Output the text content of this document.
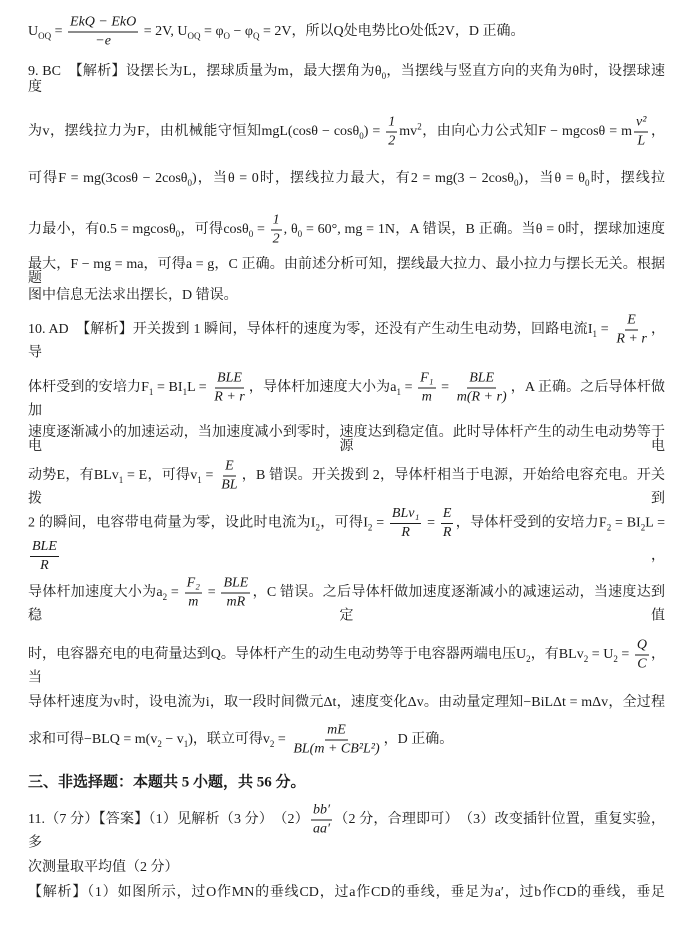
$U_{OQ} = \frac{\text{EkQ − EkO}}{-e} = 2V$, $U_{OQ} = \varphi_O - \varphi_Q = 2V$，所以Q处电势比O处低2V，D 正确。
9. BC　【解析】设摆长为L，摆球质量为m，最大摆角为$\theta_0$，当摆线与竖直方向的夹角为θ时，设摆球速度
为v，摆线拉力为F，由机械能守恒知$mgL(\cos\theta - \cos\theta_0) = \frac{1}{2} mv^2$，由向心力公式知F − mgcosθ = m $\frac{\text{v²}}{L}$ ，
可得F = mg(3cosθ − 2cosθ$_0$)，当θ = 0时，摆线拉力最大，有2 = mg(3 − 2cosθ$_0$)，当$\theta = \theta_0$时，摆线拉
力最小，有0.5 = mgcosθ$_0$，可得$\cos\theta_0 = \frac{1}{2}$ , $\theta_0 = 60^\circ$, mg = 1N，A 错误，B 正确。当θ = 0时，摆球加速度
最大，F − mg = ma，可得a = g，C 正确。由前述分析可知，摆线最大拉力、最小拉力与摆长无关。根据题
图中信息无法求出摆长，D 错误。
10. AD　【解析】开关拨到 1 瞬间，导体杆的速度为零，还没有产生动生电动势，回路电流$I_1 = \frac{E}{R + r}$ ，导
体杆受到的安培力$F_1 = BI_1L = \frac{\text{BLE}}{R + r}$ ，导体杆加速度大小为$a_1 = \frac{\text{F₁}}{m} = \frac{\text{BLE}}{m(R + r)}$ ，A 正确。之后导体杆做加
速度逐渐减小的加速运动，当加速度减小到零时，速度达到稳定值。此时导体杆产生的动生电动势等于电源电
动势E，有BLv$_1$ = E，可得$v_1 = \frac{E}{BL}$ ，B 错误。开关拨到 2，导体杆相当于电源，开始给电容充电。开关拨到
2 的瞬间，电容带电荷量为零，设此时电流为$I_2$，可得$I_2 = \frac{\text{BLv₁}}{R} = \frac{E}{R}$ ，导体杆受到的安培力$F_2 = BI_2L$ =
$\frac{\text{BLE}}{R}$ ，
导体杆加速度大小为$a_2 = \frac{\text{F₂}}{m} = \frac{\text{BLE}}{mR}$ ，C 错误。之后导体杆做加速度逐渐减小的减速运动，当速度达到稳定值
时，电容器充电的电荷量达到Q。导体杆产生的动生电动势等于电容器两端电压$U_2$，有$BLv_2 = U_2 = \frac{Q}{C}$ ，当
导体杆速度为v时，设电流为i，取一段时间微元Δt，速度变化Δv。由动量定理知−BiLΔt = mΔv，全过程
求和可得$-BLQ = m(v_2 - v_1)$，联立可得$v_2 = \frac{mE}{\text{BL(m + CB²L²)}}$ ，D 正确。
三、非选择题：本题共 5 小题，共 56 分。
11.（7 分）【答案】（1）见解析（3 分）　$(2) \frac{bb'}{aa'} (2$ 分，合理即可）　（3）改变插针位置，重复实验，多
次测量取平均值（2 分）
【解析】（1）如图所示，过O作MN的垂线CD，过a作CD的垂线，垂足为a′，过b作CD的垂线，垂足
